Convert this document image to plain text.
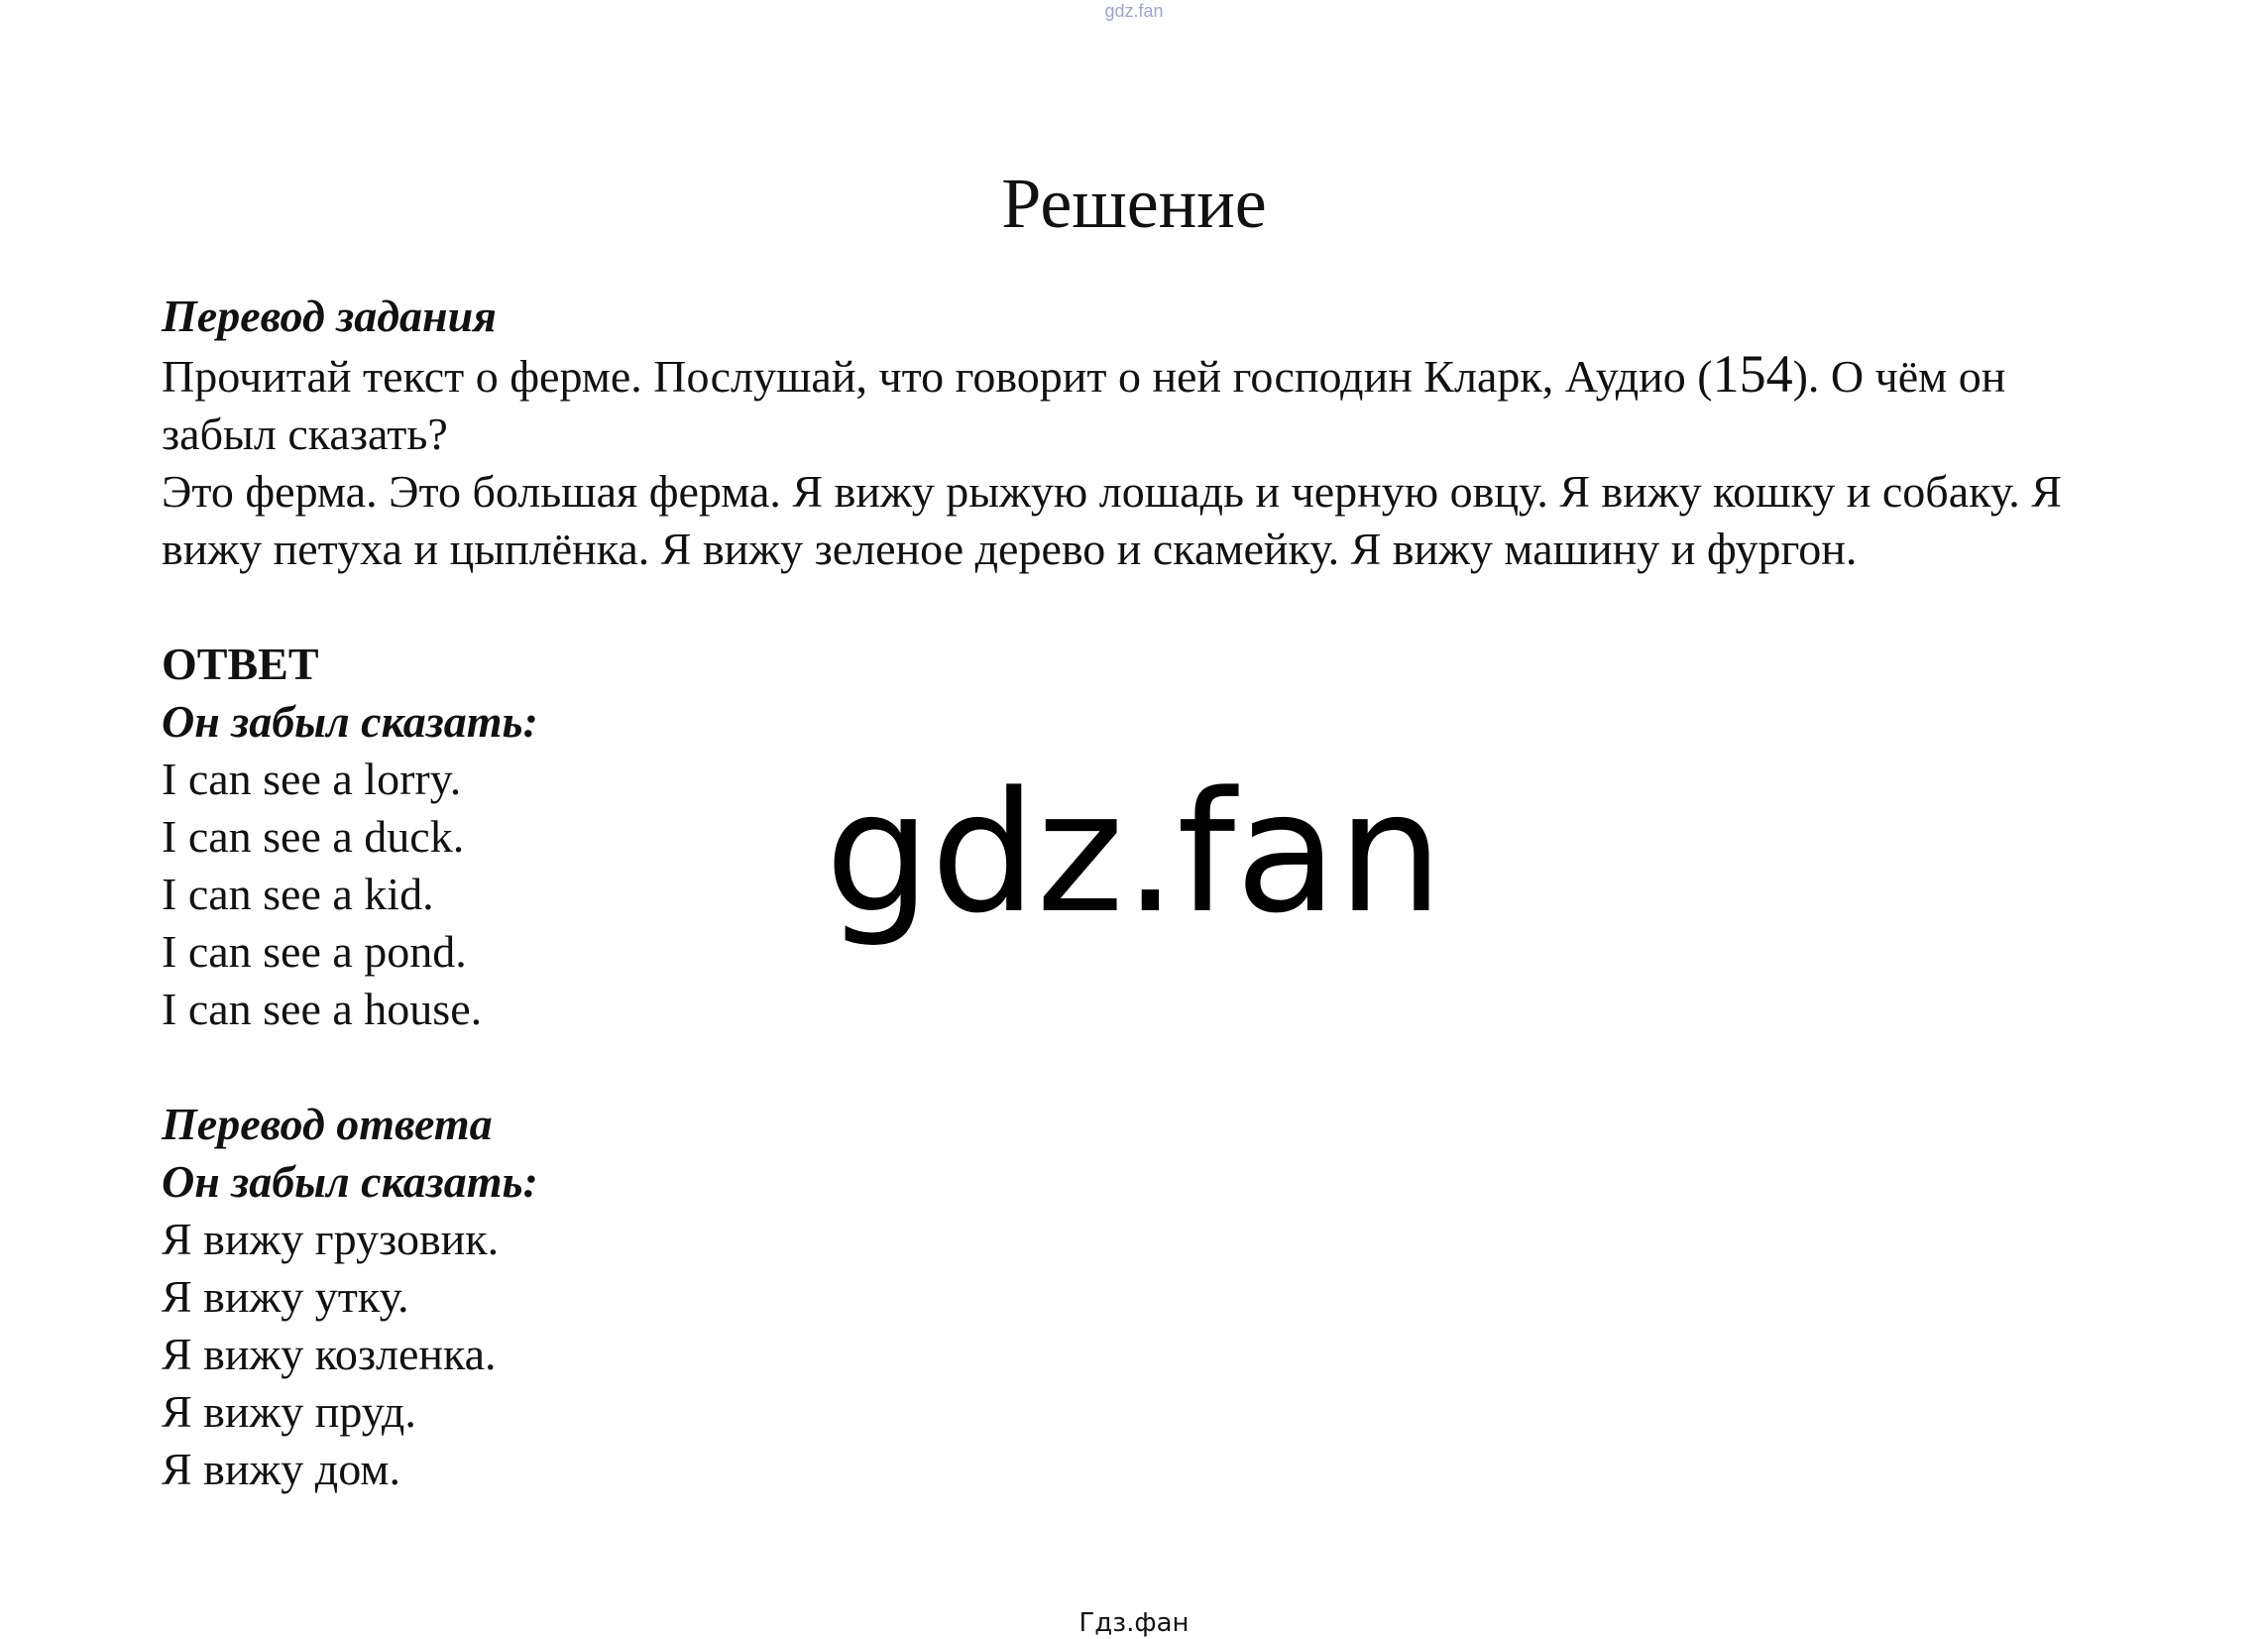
gdz.fan
Решение
Перевод задания

Прочитай текст о ферме. Послушай, что говорит о ней господин Кларк, Аудио (154). О чём он забыл сказать?

Это ферма. Это большая ферма. Я вижу рыжую лошадь и черную овцу. Я вижу кошку и собаку. Я вижу петуха и цыплёнка. Я вижу зеленое дерево и скамейку. Я вижу машину и фургон.

ОТВЕТ
Он забыл сказать:
I can see a lorry.
I can see a duck.
I can see a kid.
I can see a pond.
I can see a house.
Перевод ответа
Он забыл сказать:
Я вижу грузовик.
Я вижу утку.
Я вижу козленка.
Я вижу пруд.
Я вижу дом.
gdz.fan
Гдз.фан
